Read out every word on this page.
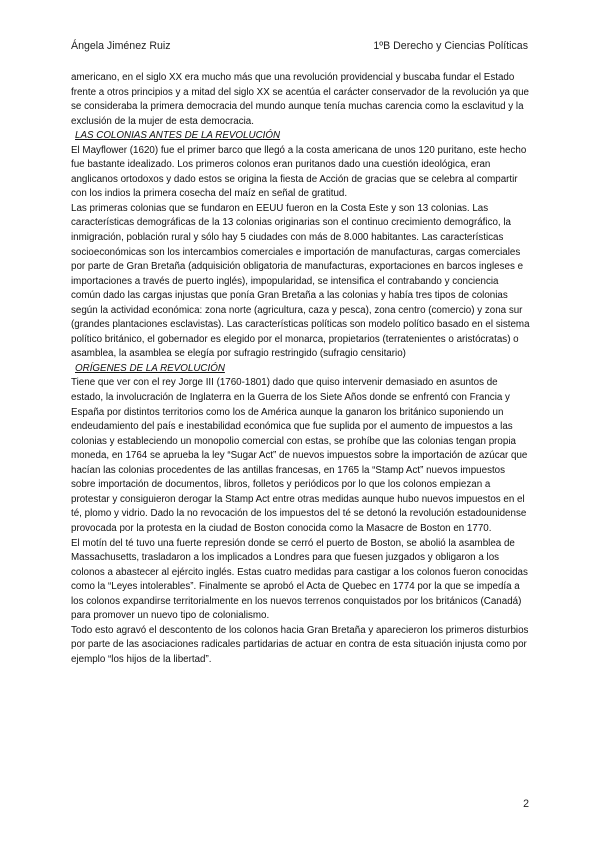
Ángela Jiménez Ruiz	1ºB Derecho y Ciencias Políticas

americano, en el siglo XX era mucho más que una revolución providencial y buscaba fundar el Estado frente a otros principios y a mitad del siglo XX se acentúa el carácter conservador de la revolución ya que se consideraba la primera democracia del mundo aunque tenía muchas carencia como la esclavitud y la exclusión de la mujer de esta democracia.

LAS COLONIAS ANTES DE LA REVOLUCIÓN

El Mayflower (1620) fue el primer barco que llegó a la costa americana de unos 120 puritano, este hecho fue bastante idealizado. Los primeros colonos eran puritanos dado una cuestión ideológica, eran anglicanos ortodoxos y dado estos se origina la fiesta de Acción de gracias que se celebra al compartir con los indios la primera cosecha del maíz en señal de gratitud.

Las primeras colonias que se fundaron en EEUU fueron en la Costa Este y son 13 colonias. Las características demográficas de la 13 colonias originarias son el continuo crecimiento demográfico, la inmigración, población rural y sólo hay 5 ciudades con más de 8.000 habitantes. Las características socioeconómicas son los intercambios comerciales e importación de manufacturas, cargas comerciales por parte de Gran Bretaña (adquisición obligatoria de manufacturas, exportaciones en barcos ingleses e importaciones a través de puerto inglés), impopularidad, se intensifica el contrabando y conciencia común dado las cargas injustas que ponía Gran Bretaña a las colonias y había tres tipos de colonias según la actividad económica: zona norte (agricultura, caza y pesca), zona centro (comercio) y zona sur (grandes plantaciones esclavistas). Las características políticas son modelo político basado en el sistema político británico, el gobernador es elegido por el monarca, propietarios (terratenientes o aristócratas) o asamblea, la asamblea se elegía por sufragio restringido (sufragio censitario)

ORÍGENES DE LA REVOLUCIÓN

Tiene que ver con el rey Jorge III (1760-1801) dado que quiso intervenir demasiado en asuntos de estado, la involucración de Inglaterra en la Guerra de los Siete Años donde se enfrentó con Francia y España por distintos territorios como los de América aunque la ganaron los británico suponiendo un endeudamiento del país e inestabilidad económica que fue suplida por el aumento de impuestos a las colonias y estableciendo un monopolio comercial con estas, se prohíbe que las colonias tengan propia moneda, en 1764 se aprueba la ley “Sugar Act” de nuevos impuestos sobre la importación de azúcar que hacían las colonias procedentes de las antillas francesas, en 1765 la “Stamp Act” nuevos impuestos sobre importación de documentos, libros, folletos y periódicos por lo que los colonos empiezan a protestar y consiguieron derogar la Stamp Act entre otras medidas aunque hubo nuevos impuestos en el té, plomo y vidrio. Dado la no revocación de los impuestos del té se detonó la revolución estadounidense provocada por la protesta en la ciudad de Boston conocida como la Masacre de Boston en 1770.

El motín del té tuvo una fuerte represión donde se cerró el puerto de Boston, se abolió la asamblea de Massachusetts, trasladaron a los implicados a Londres para que fuesen juzgados y obligaron a los colonos a abastecer al ejército inglés. Estas cuatro medidas para castigar a los colonos fueron conocidas como la “Leyes intolerables”. Finalmente se aprobó el Acta de Quebec en 1774 por la que se impedía a los colonos expandirse territorialmente en los nuevos terrenos conquistados por los británicos (Canadá) para promover un nuevo tipo de colonialismo.

Todo esto agravó el descontento de los colonos hacia Gran Bretaña y aparecieron los primeros disturbios por parte de las asociaciones radicales partidarias de actuar en contra de esta situación injusta como por ejemplo “los hijos de la libertad”.

2
